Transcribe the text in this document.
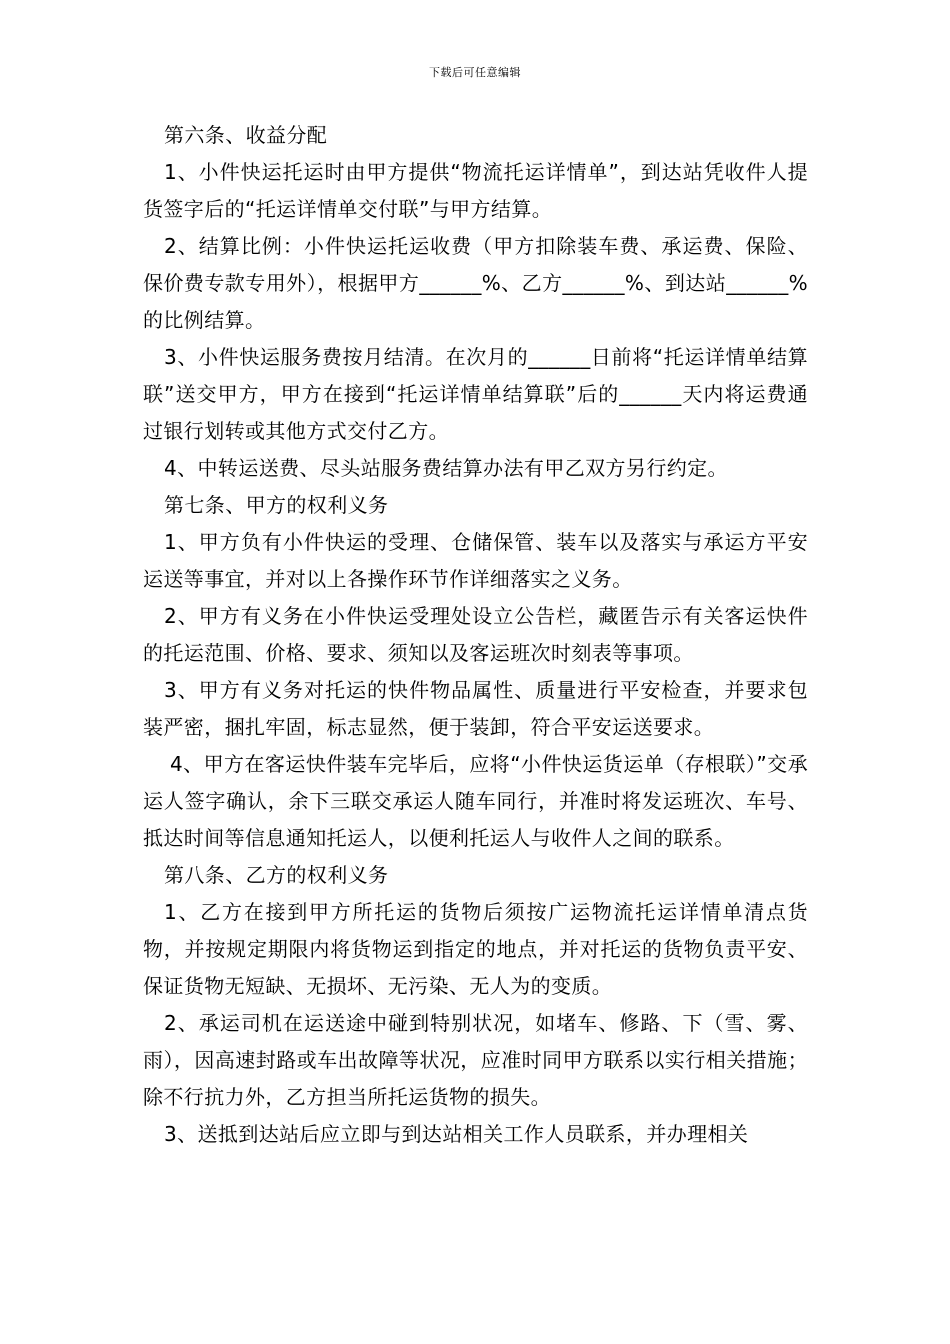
下载后可任意编辑

第六条、收益分配

1、小件快运托运时由甲方提供“物流托运详情单”，到达站凭收件人提货签字后的“托运详情单交付联”与甲方结算。

2、结算比例：小件快运托运收费（甲方扣除装车费、承运费、保险、保价费专款专用外），根据甲方______%、乙方______%、到达站______%的比例结算。

3、小件快运服务费按月结清。在次月的______日前将“托运详情单结算联”送交甲方，甲方在接到“托运详情单结算联”后的______天内将运费通过银行划转或其他方式交付乙方。

4、中转运送费、尽头站服务费结算办法有甲乙双方另行约定。

第七条、甲方的权利义务

1、甲方负有小件快运的受理、仓储保管、装车以及落实与承运方平安运送等事宜，并对以上各操作环节作详细落实之义务。

2、甲方有义务在小件快运受理处设立公告栏，藏匿告示有关客运快件的托运范围、价格、要求、须知以及客运班次时刻表等事项。

3、甲方有义务对托运的快件物品属性、质量进行平安检查，并要求包装严密，捆扎牢固，标志显然，便于装卸，符合平安运送要求。

4、甲方在客运快件装车完毕后，应将“小件快运货运单（存根联）”交承运人签字确认，余下三联交承运人随车同行，并准时将发运班次、车号、抵达时间等信息通知托运人，以便利托运人与收件人之间的联系。

第八条、乙方的权利义务

1、乙方在接到甲方所托运的货物后须按广运物流托运详情单清点货物，并按规定期限内将货物运到指定的地点，并对托运的货物负责平安、保证货物无短缺、无损坏、无污染、无人为的变质。

2、承运司机在运送途中碰到特别状况，如堵车、修路、下（雪、雾、雨），因高速封路或车出故障等状况，应准时同甲方联系以实行相关措施；除不行抗力外，乙方担当所托运货物的损失。

3、送抵到达站后应立即与到达站相关工作人员联系，并办理相关
